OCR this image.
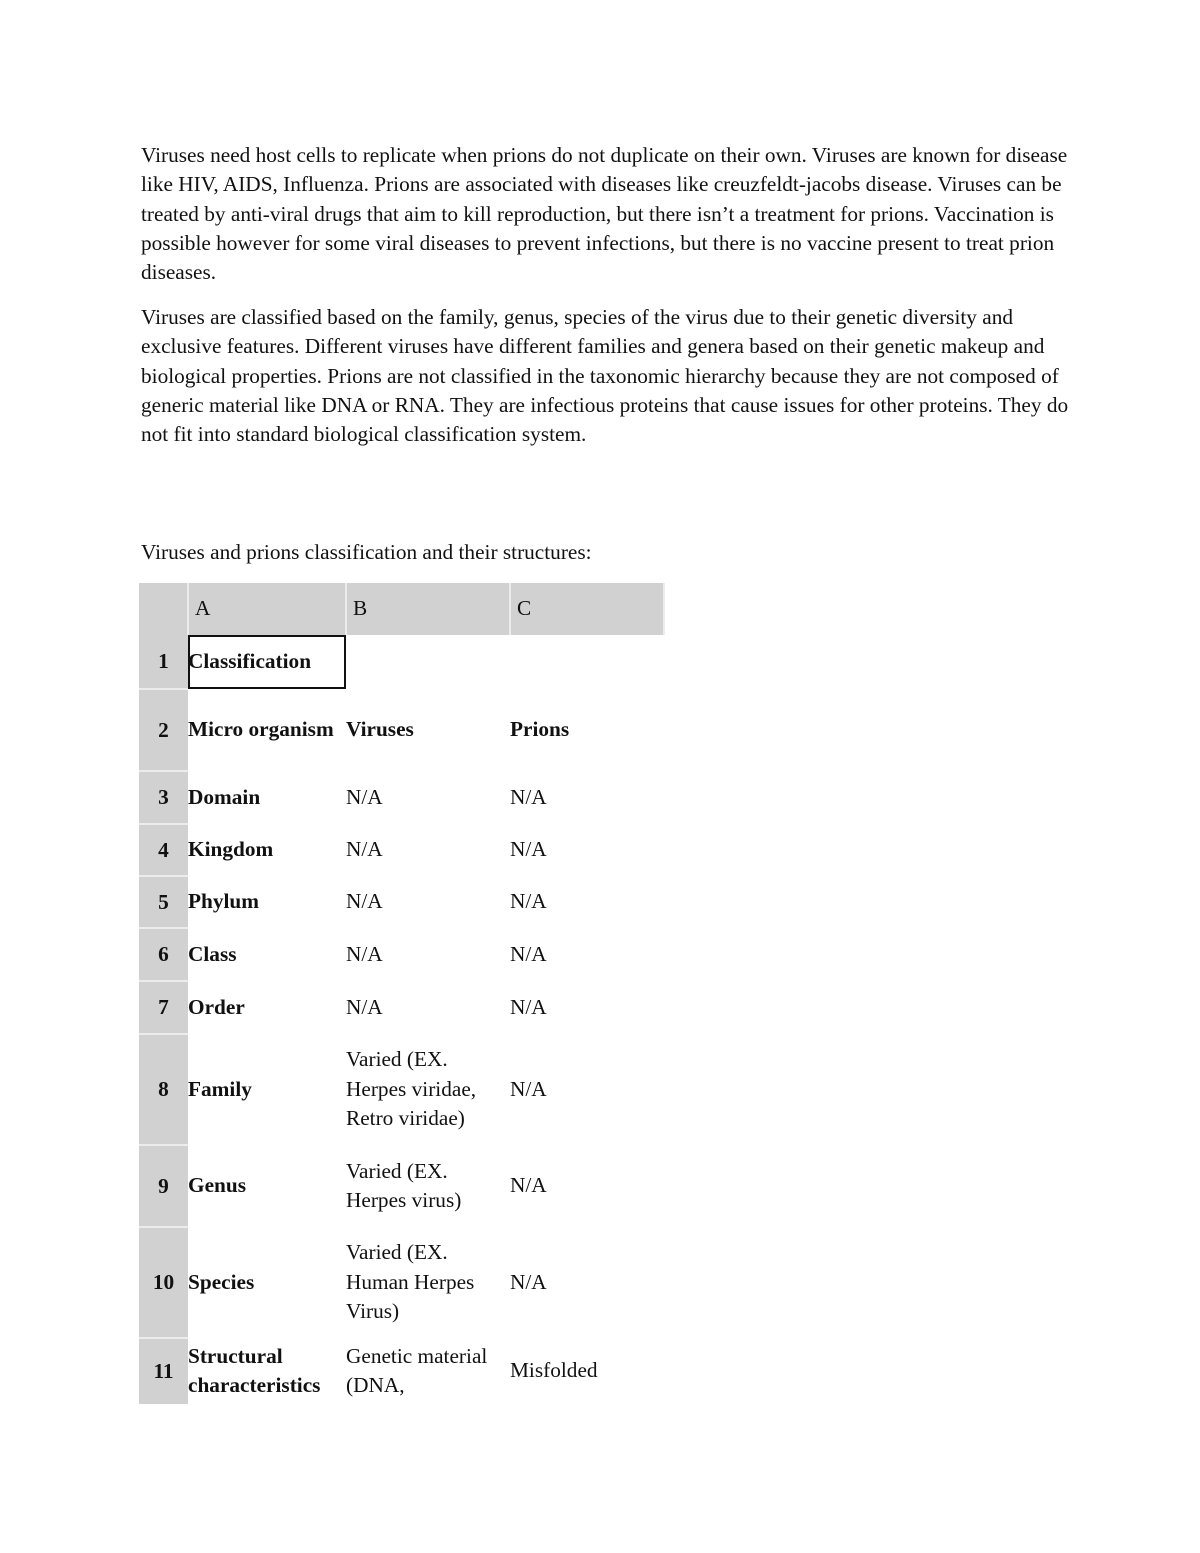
Viruses need host cells to replicate when prions do not duplicate on their own. Viruses are known for disease like HIV, AIDS, Influenza. Prions are associated with diseases like creuzfeldt-jacobs disease. Viruses can be treated by anti-viral drugs that aim to kill reproduction, but there isn’t a treatment for prions. Vaccination is possible however for some viral diseases to prevent infections, but there is no vaccine present to treat prion diseases.

Viruses are classified based on the family, genus, species of the virus due to their genetic diversity and exclusive features. Different viruses have different families and genera based on their genetic makeup and biological properties. Prions are not classified in the taxonomic hierarchy because they are not composed of generic material like DNA or RNA. They are infectious proteins that cause issues for other proteins. They do not fit into standard biological classification system.

Viruses and prions classification and their structures:

	A	B	C
1	Classification		
2	Micro organism	Viruses	Prions
3	Domain	N/A	N/A
4	Kingdom	N/A	N/A
5	Phylum	N/A	N/A
6	Class	N/A	N/A
7	Order	N/A	N/A
8	Family	Varied (EX. Herpes viridae, Retro viridae)	N/A
9	Genus	Varied (EX. Herpes virus)	N/A
10	Species	Varied (EX. Human Herpes Virus)	N/A
11	Structural characteristics	Genetic material (DNA,	Misfolded
